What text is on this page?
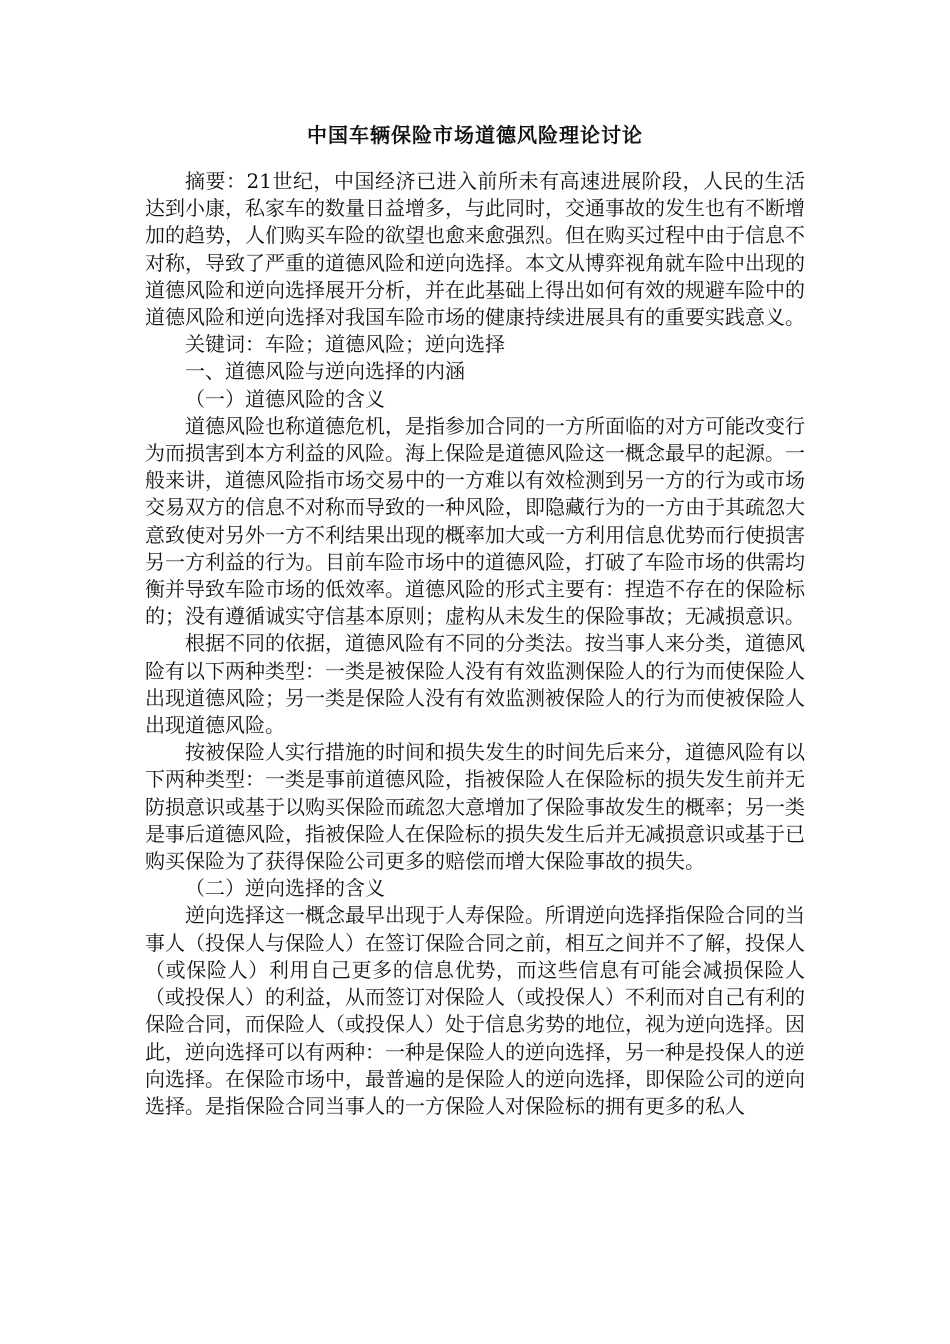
中国车辆保险市场道德风险理论讨论

摘要：21世纪，中国经济已进入前所未有高速进展阶段，人民的生活达到小康，私家车的数量日益增多，与此同时，交通事故的发生也有不断增加的趋势，人们购买车险的欲望也愈来愈强烈。但在购买过程中由于信息不对称，导致了严重的道德风险和逆向选择。本文从博弈视角就车险中出现的道德风险和逆向选择展开分析，并在此基础上得出如何有效的规避车险中的道德风险和逆向选择对我国车险市场的健康持续进展具有的重要实践意义。

关键词：车险；道德风险；逆向选择

一、道德风险与逆向选择的内涵

（一）道德风险的含义

道德风险也称道德危机，是指参加合同的一方所面临的对方可能改变行为而损害到本方利益的风险。海上保险是道德风险这一概念最早的起源。一般来讲，道德风险指市场交易中的一方难以有效检测到另一方的行为或市场交易双方的信息不对称而导致的一种风险，即隐藏行为的一方由于其疏忽大意致使对另外一方不利结果出现的概率加大或一方利用信息优势而行使损害另一方利益的行为。目前车险市场中的道德风险，打破了车险市场的供需均衡并导致车险市场的低效率。道德风险的形式主要有：捏造不存在的保险标的；没有遵循诚实守信基本原则；虚构从未发生的保险事故；无减损意识。

根据不同的依据，道德风险有不同的分类法。按当事人来分类，道德风险有以下两种类型：一类是被保险人没有有效监测保险人的行为而使保险人出现道德风险；另一类是保险人没有有效监测被保险人的行为而使被保险人出现道德风险。

按被保险人实行措施的时间和损失发生的时间先后来分，道德风险有以下两种类型：一类是事前道德风险，指被保险人在保险标的损失发生前并无防损意识或基于以购买保险而疏忽大意增加了保险事故发生的概率；另一类是事后道德风险，指被保险人在保险标的损失发生后并无减损意识或基于已购买保险为了获得保险公司更多的赔偿而增大保险事故的损失。

（二）逆向选择的含义

逆向选择这一概念最早出现于人寿保险。所谓逆向选择指保险合同的当事人（投保人与保险人）在签订保险合同之前，相互之间并不了解，投保人（或保险人）利用自己更多的信息优势，而这些信息有可能会减损保险人（或投保人）的利益，从而签订对保险人（或投保人）不利而对自己有利的保险合同，而保险人（或投保人）处于信息劣势的地位，视为逆向选择。因此，逆向选择可以有两种：一种是保险人的逆向选择，另一种是投保人的逆向选择。在保险市场中，最普遍的是保险人的逆向选择，即保险公司的逆向选择。是指保险合同当事人的一方保险人对保险标的拥有更多的私人
